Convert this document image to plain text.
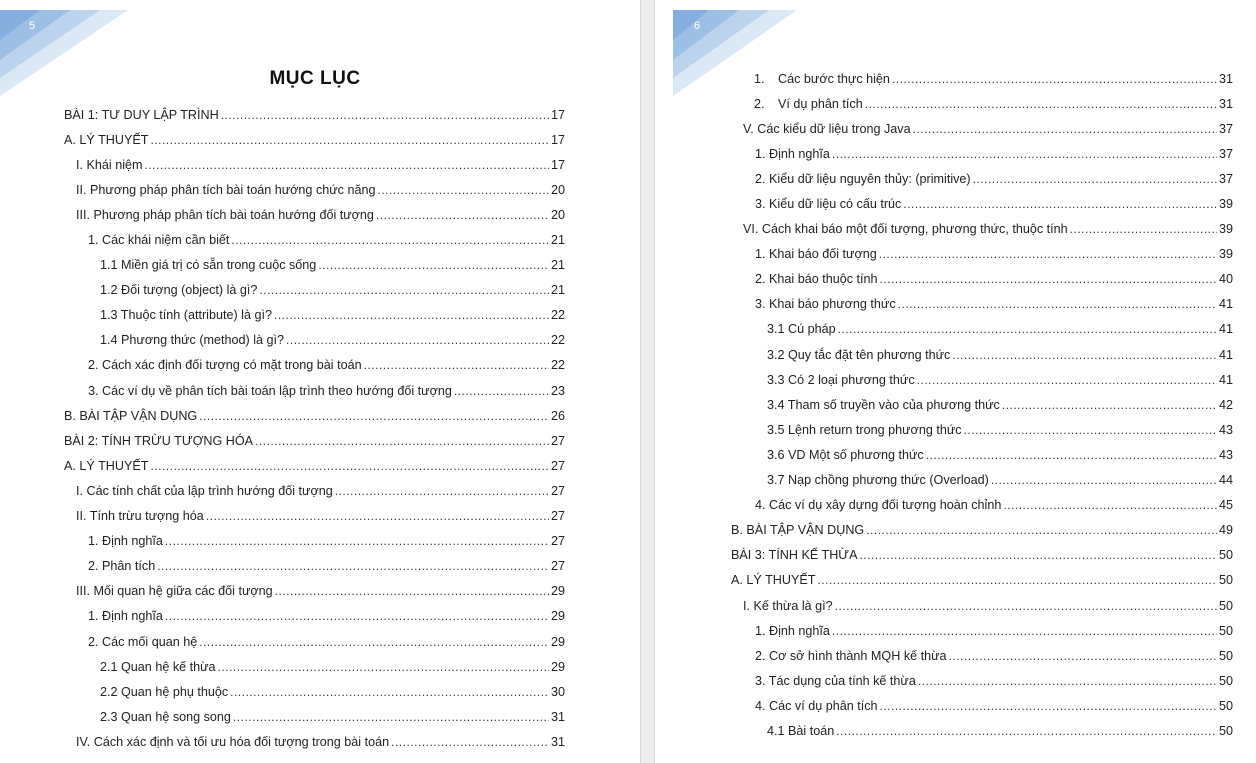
5
MỤC LỤC
BÀI 1: TƯ DUY LẬP TRÌNH .....	17
A. LÝ THUYẾT .....	17
I. Khái niệm .....	17
II. Phương pháp phân tích bài toán hướng chức năng .....	20
III. Phương pháp phân tích bài toán hướng đối tượng .....	20
1. Các khái niệm cần biết .....	21
1.1 Miền giá trị có sẵn trong cuộc sống .....	21
1.2 Đối tượng (object) là gì? .....	21
1.3 Thuộc tính (attribute) là gì? .....	22
1.4 Phương thức (method) là gì? .....	22
2. Cách xác định đối tượng có mặt trong bài toán .....	22
3. Các ví dụ về phân tích bài toán lập trình theo hướng đối tượng .....	23
B. BÀI TẬP VẬN DỤNG .....	26
BÀI 2: TÍNH TRỪU TƯỢNG HÓA .....	27
A. LÝ THUYẾT .....	27
I. Các tính chất của lập trình hướng đối tượng .....	27
II. Tính trừu tượng hóa .....	27
1. Định nghĩa .....	27
2. Phân tích .....	27
III. Mối quan hệ giữa các đối tượng .....	29
1. Định nghĩa .....	29
2. Các mối quan hệ .....	29
2.1 Quan hệ kế thừa .....	29
2.2 Quan hệ phụ thuộc .....	30
2.3 Quan hệ song song .....	31
IV. Cách xác định và tối ưu hóa đối tượng trong bài toán .....	31
6
1. Các bước thực hiện .....	31
2. Ví dụ phân tích .....	31
V. Các kiểu dữ liệu trong Java .....	37
1. Định nghĩa .....	37
2. Kiểu dữ liệu nguyên thủy: (primitive) .....	37
3. Kiểu dữ liệu có cấu trúc .....	39
VI. Cách khai báo một đối tượng, phương thức, thuộc tính .....	39
1. Khai báo đối tượng .....	39
2. Khai báo thuộc tính .....	40
3. Khai báo phương thức .....	41
3.1 Cú pháp .....	41
3.2 Quy tắc đặt tên phương thức .....	41
3.3 Có 2 loại phương thức .....	41
3.4 Tham số truyền vào của phương thức .....	42
3.5 Lệnh return trong phương thức .....	43
3.6 VD Một số phương thức .....	43
3.7 Nạp chồng phương thức (Overload) .....	44
4. Các ví dụ xây dựng đối tượng hoàn chỉnh .....	45
B. BÀI TẬP VẬN DỤNG .....	49
BÀI 3: TÍNH KẾ THỪA .....	50
A. LÝ THUYẾT .....	50
I. Kế thừa là gì? .....	50
1. Định nghĩa .....	50
2. Cơ sở hình thành MQH kế thừa .....	50
3. Tác dụng của tính kế thừa .....	50
4. Các ví dụ phân tích .....	50
4.1 Bài toán .....	50
